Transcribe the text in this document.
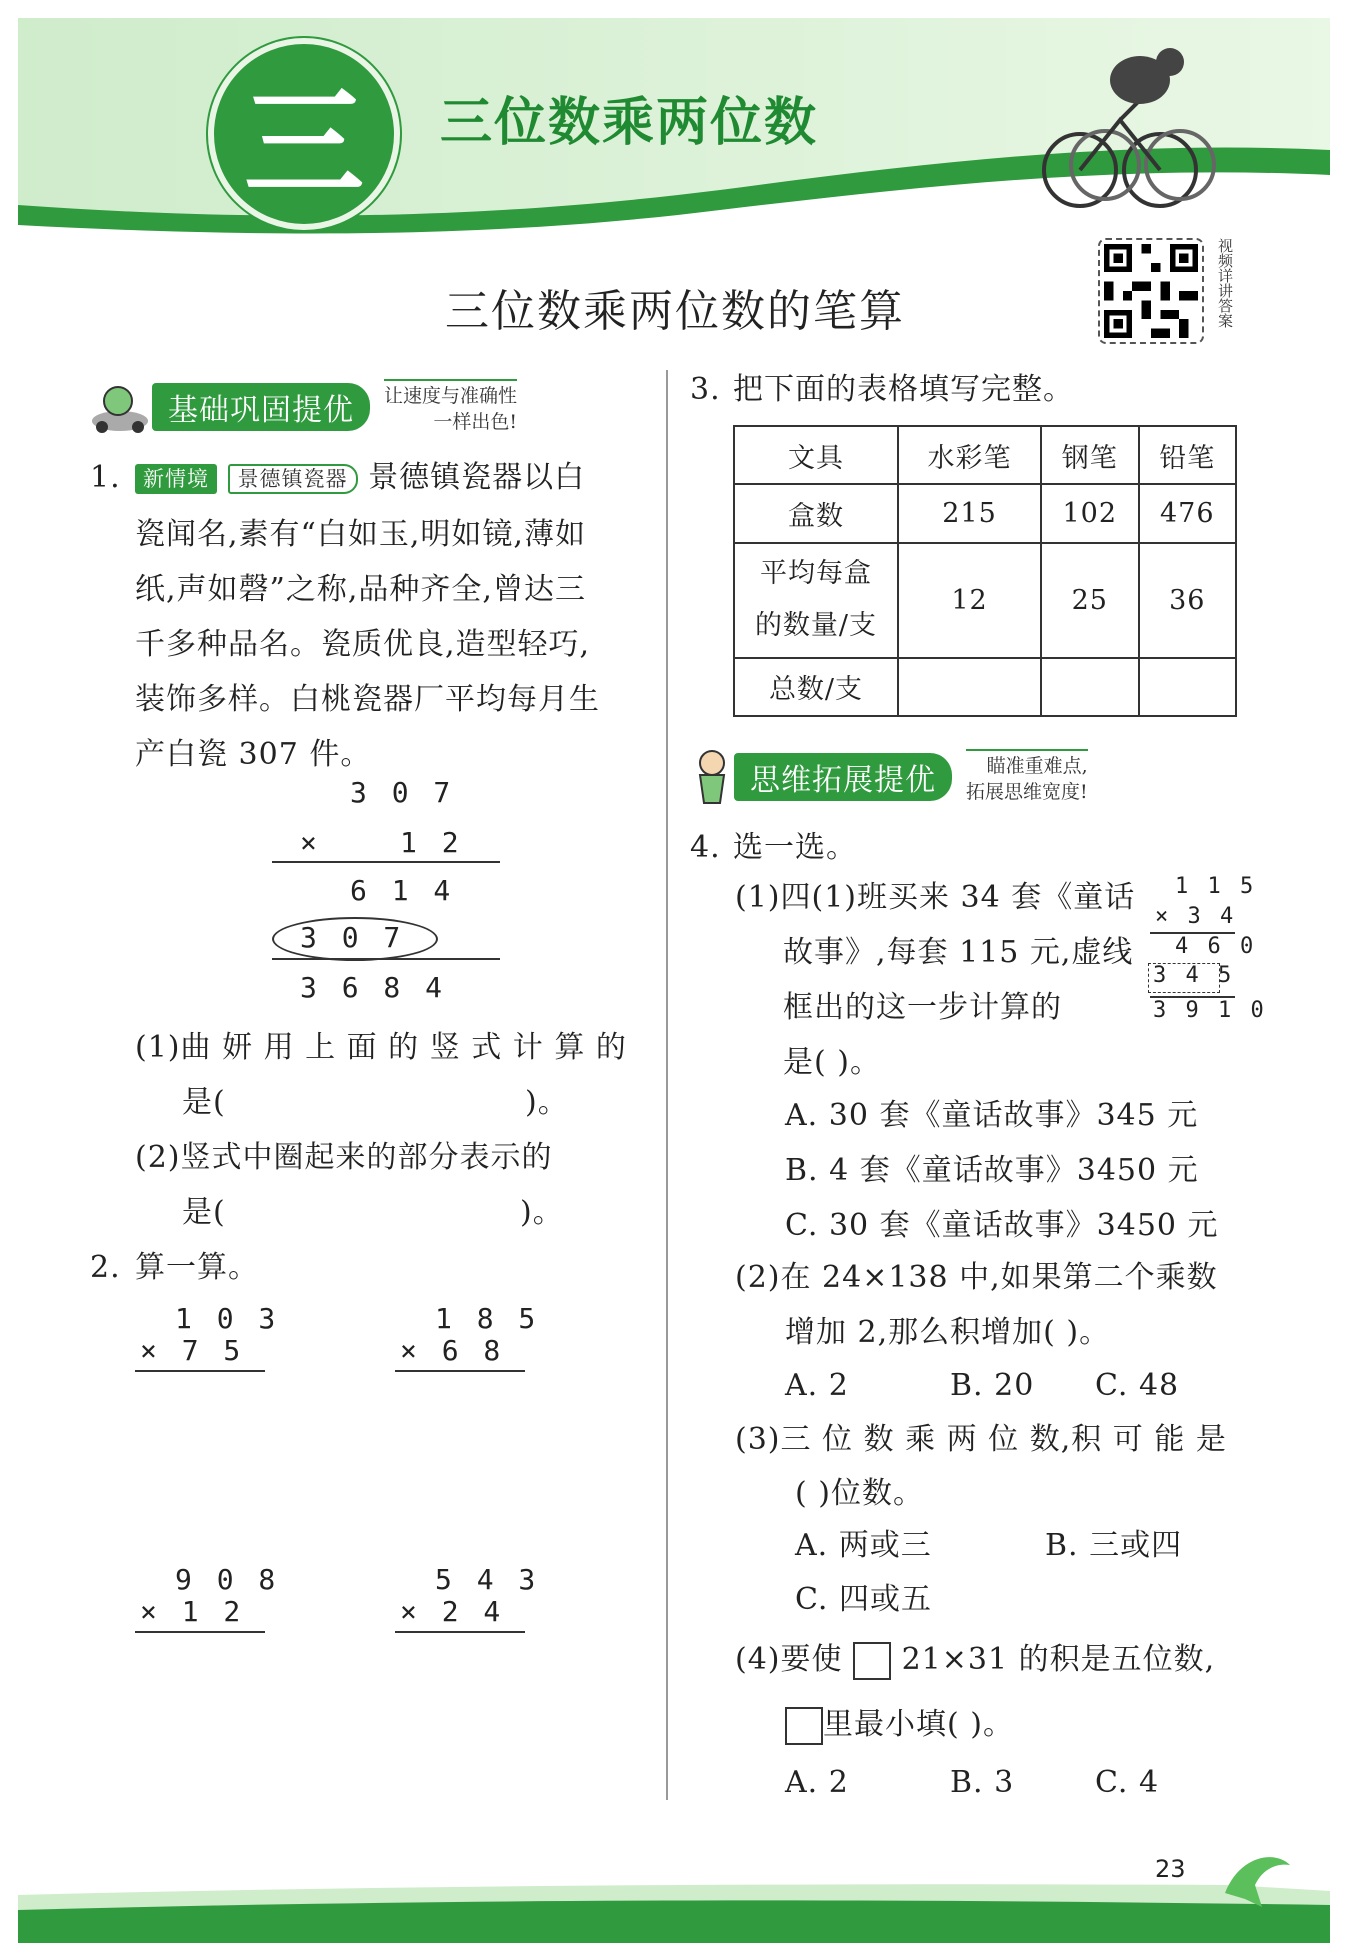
三	三位数乘两位数
三位数乘两位数的笔算	视频详讲答案
基础巩固提优	让速度与准确性
一样出色!
1.	新情境 景德镇瓷器 景德镇瓷器以白
瓷闻名,素有“白如玉,明如镜,薄如
纸,声如磬”之称,品种齐全,曾达三
千多种品名。瓷质优良,造型轻巧,
装饰多样。白桃瓷器厂平均每月生
产白瓷 307 件。
3 0 7
×	1 2
6 1 4
3 0 7
3 6 8 4
(1)曲 妍 用 上 面 的 竖 式 计 算 的
是(	)。
(2)竖式中圈起来的部分表示的
是(	)。
2. 算一算。
1 0 3
× 7 5
1 8 5
× 6 8
9 0 8
× 1 2
5 4 3
× 2 4
3. 把下面的表格填写完整。
文具	水彩笔	钢笔	铅笔
盒数	215	102	476

平均每盒
的数量/支	12	25	36
总数/支			
思维拓展提优	瞄准重难点,
拓展思维宽度!
4. 选一选。
(1)四(1)班买来 34 套《童话
故事》,每套 115 元,虚线
框出的这一步计算的
是( )。
1 1 5
× 3 4
4 6 0
3 4 5
3 9 1 0
A. 30 套《童话故事》345 元
B. 4 套《童话故事》3450 元
C. 30 套《童话故事》3450 元
(2)在 24×138 中,如果第二个乘数
增加 2,那么积增加( )。
A. 2	B. 20 C. 48
(3)三 位 数 乘 两 位 数,积 可 能 是
( )位数。
A. 两或三	B. 三或四
C. 四或五
(4)要使 21×31 的积是五位数,
里最小填( )。
A. 2	B. 3	C. 4
23
